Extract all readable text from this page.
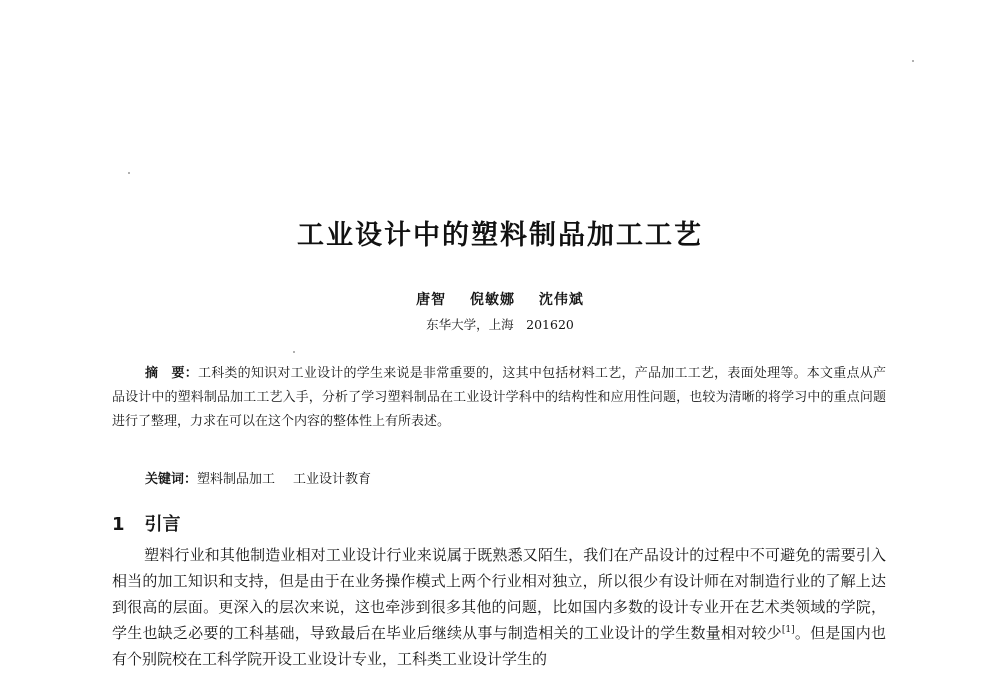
工业设计中的塑料制品加工工艺
唐智 倪敏娜 沈伟斌
东华大学，上海　201620
摘　要：工科类的知识对工业设计的学生来说是非常重要的，这其中包括材料工艺，产品加工工艺，表面处理等。本文重点从产品设计中的塑料制品加工工艺入手，分析了学习塑料制品在工业设计学科中的结构性和应用性问题，也较为清晰的将学习中的重点问题进行了整理，力求在可以在这个内容的整体性上有所表述。
关键词：塑料制品加工 工业设计教育
1 引言
塑料行业和其他制造业相对工业设计行业来说属于既熟悉又陌生，我们在产品设计的过程中不可避免的需要引入相当的加工知识和支持，但是由于在业务操作模式上两个行业相对独立，所以很少有设计师在对制造行业的了解上达到很高的层面。更深入的层次来说，这也牵涉到很多其他的问题，比如国内多数的设计专业开在艺术类领域的学院，学生也缺乏必要的工科基础，导致最后在毕业后继续从事与制造相关的工业设计的学生数量相对较少[1]。但是国内也有个别院校在工科学院开设工业设计专业，工科类工业设计学生的
